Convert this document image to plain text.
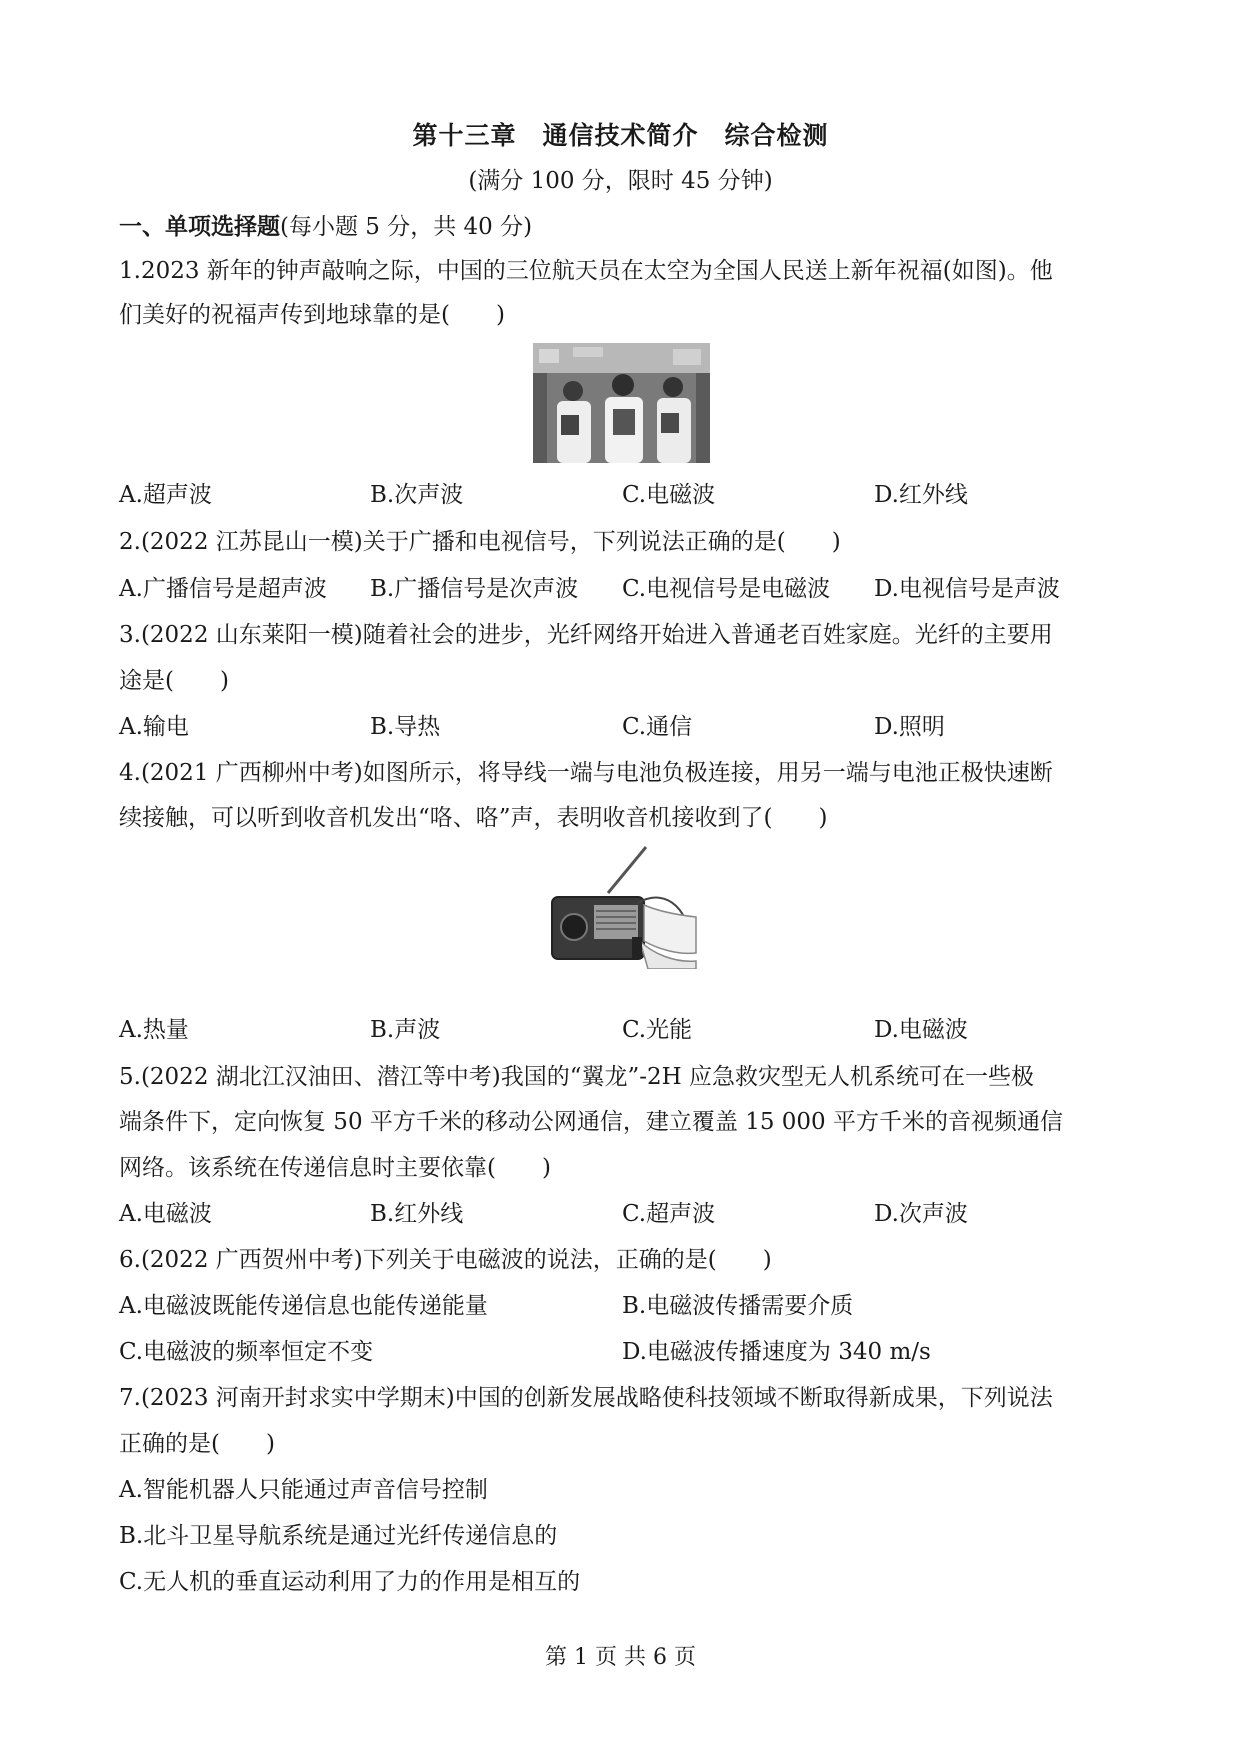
第十三章　通信技术简介　综合检测
(满分 100 分，限时 45 分钟)
一、单项选择题(每小题 5 分，共 40 分)
1.2023 新年的钟声敲响之际，中国的三位航天员在太空为全国人民送上新年祝福(如图)。他
们美好的祝福声传到地球靠的是(　　)
A.超声波	B.次声波	C.电磁波	D.红外线
2.(2022 江苏昆山一模)关于广播和电视信号，下列说法正确的是(　　)
A.广播信号是超声波 B.广播信号是次声波 C.电视信号是电磁波 D.电视信号是声波
3.(2022 山东莱阳一模)随着社会的进步，光纤网络开始进入普通老百姓家庭。光纤的主要用
途是(　　)
A.输电	B.导热	C.通信	D.照明
4.(2021 广西柳州中考)如图所示，将导线一端与电池负极连接，用另一端与电池正极快速断
续接触，可以听到收音机发出“咯、咯”声，表明收音机接收到了(　　)
A.热量	B.声波	C.光能	D.电磁波
5.(2022 湖北江汉油田、潜江等中考)我国的“翼龙”-2H 应急救灾型无人机系统可在一些极
端条件下，定向恢复 50 平方千米的移动公网通信，建立覆盖 15 000 平方千米的音视频通信
网络。该系统在传递信息时主要依靠(　　)
A.电磁波	B.红外线	C.超声波	D.次声波
6.(2022 广西贺州中考)下列关于电磁波的说法，正确的是(　　)
A.电磁波既能传递信息也能传递能量	B.电磁波传播需要介质
C.电磁波的频率恒定不变	D.电磁波传播速度为 340 m/s
7.(2023 河南开封求实中学期末)中国的创新发展战略使科技领域不断取得新成果，下列说法
正确的是(　　)
A.智能机器人只能通过声音信号控制
B.北斗卫星导航系统是通过光纤传递信息的
C.无人机的垂直运动利用了力的作用是相互的
第 1 页 共 6 页
